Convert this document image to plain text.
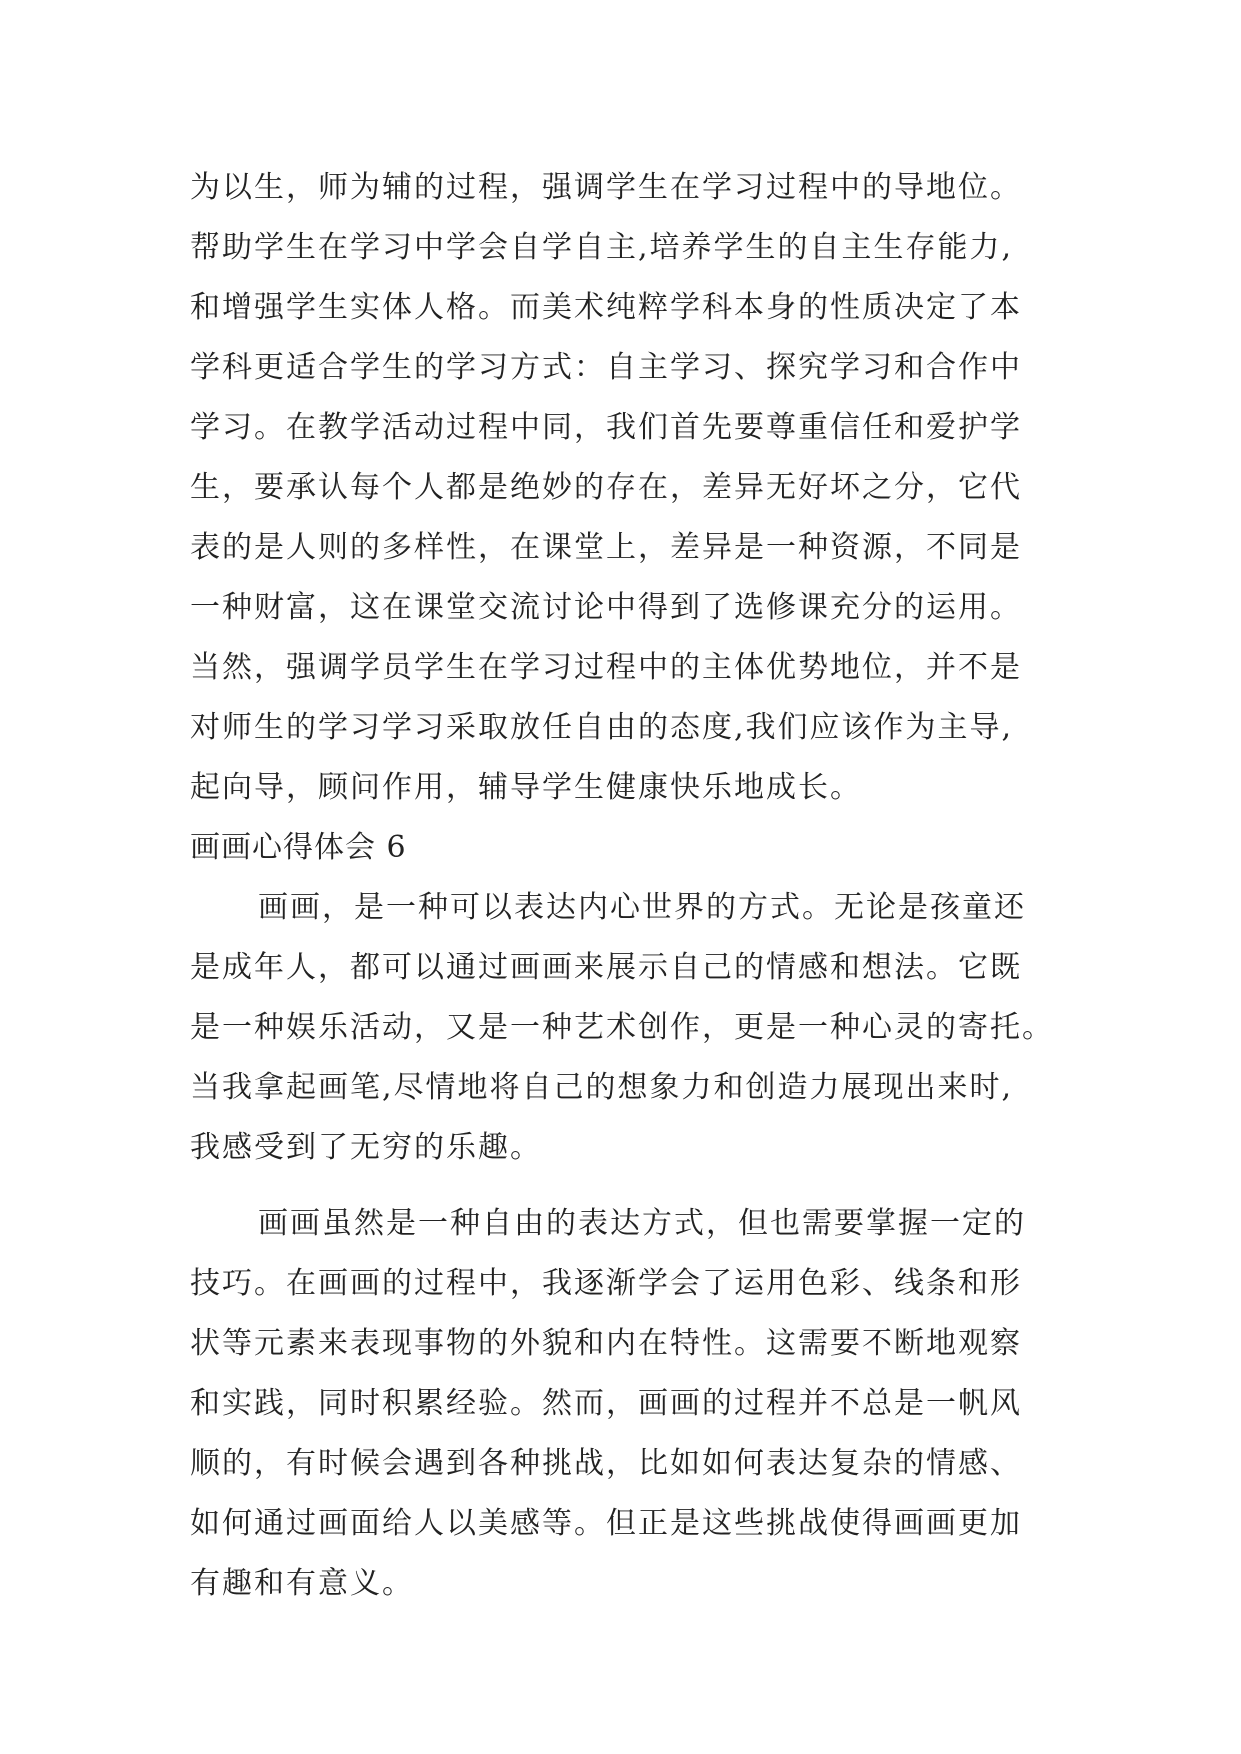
为以生，师为辅的过程，强调学生在学习过程中的导地位。
帮助学生在学习中学会自学自主,培养学生的自主生存能力,
和增强学生实体人格。而美术纯粹学科本身的性质决定了本
学科更适合学生的学习方式：自主学习、探究学习和合作中
学习。在教学活动过程中同，我们首先要尊重信任和爱护学
生，要承认每个人都是绝妙的存在，差异无好坏之分，它代
表的是人则的多样性，在课堂上，差异是一种资源，不同是
一种财富，这在课堂交流讨论中得到了选修课充分的运用。
当然，强调学员学生在学习过程中的主体优势地位，并不是
对师生的学习学习采取放任自由的态度,我们应该作为主导,
起向导，顾问作用，辅导学生健康快乐地成长。
画画心得体会 6
画画，是一种可以表达内心世界的方式。无论是孩童还
是成年人，都可以通过画画来展示自己的情感和想法。它既
是一种娱乐活动，又是一种艺术创作，更是一种心灵的寄托。
当我拿起画笔,尽情地将自己的想象力和创造力展现出来时,
我感受到了无穷的乐趣。
画画虽然是一种自由的表达方式，但也需要掌握一定的
技巧。在画画的过程中，我逐渐学会了运用色彩、线条和形
状等元素来表现事物的外貌和内在特性。这需要不断地观察
和实践，同时积累经验。然而，画画的过程并不总是一帆风
顺的，有时候会遇到各种挑战，比如如何表达复杂的情感、
如何通过画面给人以美感等。但正是这些挑战使得画画更加
有趣和有意义。
